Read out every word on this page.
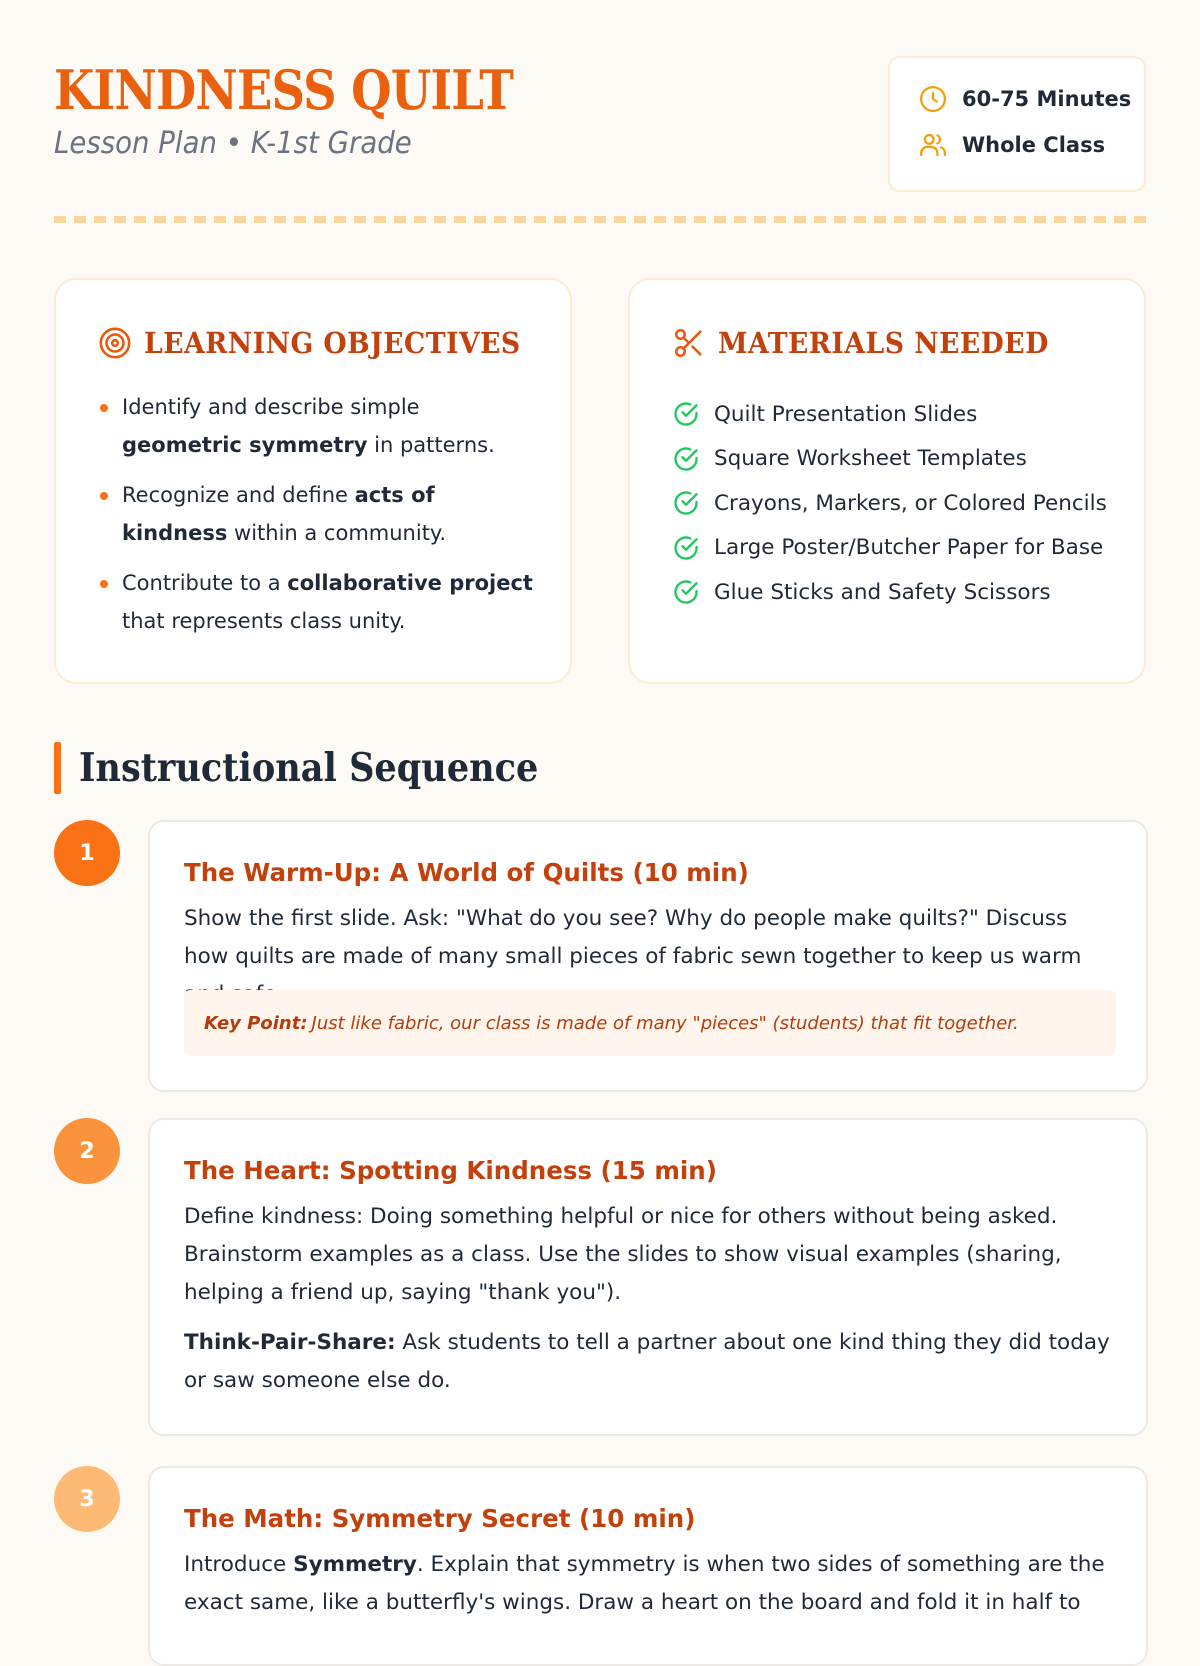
KINDNESS QUILT
Lesson Plan • K-1st Grade
60-75 Minutes
Whole Class
LEARNING OBJECTIVES
Identify and describe simple geometric symmetry in patterns.
Recognize and define acts of kindness within a community.
Contribute to a collaborative project that represents class unity.
MATERIALS NEEDED
Quilt Presentation Slides
Square Worksheet Templates
Crayons, Markers, or Colored Pencils
Large Poster/Butcher Paper for Base
Glue Sticks and Safety Scissors
Instructional Sequence
1
The Warm-Up: A World of Quilts (10 min)
Show the first slide. Ask: "What do you see? Why do people make quilts?" Discuss how quilts are made of many small pieces of fabric sewn together to keep us warm
Key Point: Just like fabric, our class is made of many "pieces" (students) that fit together.
2
The Heart: Spotting Kindness (15 min)
Define kindness: Doing something helpful or nice for others without being asked. Brainstorm examples as a class. Use the slides to show visual examples (sharing, helping a friend up, saying "thank you").
Think-Pair-Share: Ask students to tell a partner about one kind thing they did today or saw someone else do.
3
The Math: Symmetry Secret (10 min)
Introduce Symmetry. Explain that symmetry is when two sides of something are the exact same, like a butterfly's wings. Draw a heart on the board and fold it in half to
